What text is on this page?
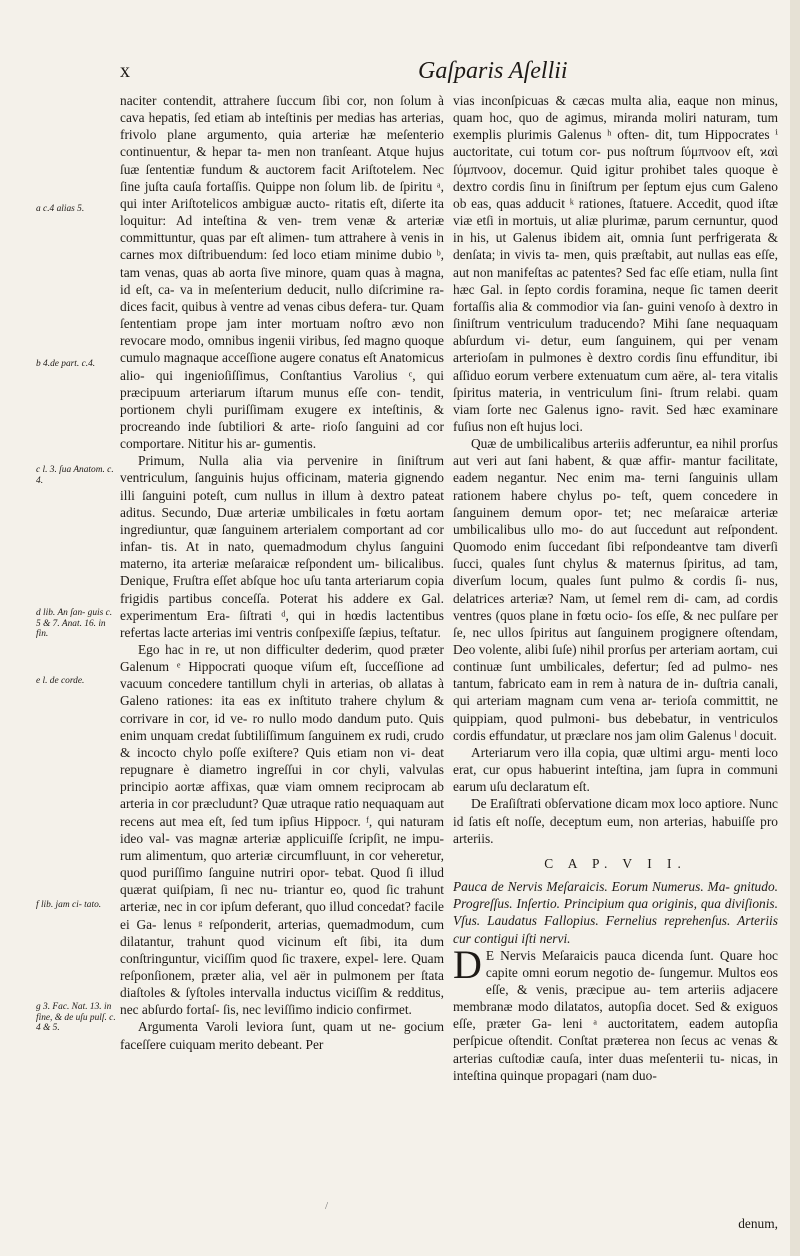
x	Gaſparis Aſellii
a c.4 alias 5.
b 4.de part. c.4.
c l. 3. ſua Anatom. c. 4.
d lib. An ſan- guis c. 5 & 7. Anat. 16. in fin.
e l. de corde.
f lib. jam ci- tato.
g 3. Fac. Nat. 13. in fine, & de uſu pulſ. c. 4 & 5.

naciter contendit, attrahere ſuccum ſibi cor, non ſolum à cava hepatis, ſed etiam ab inteſtinis per medias has arterias, frivolo plane argumento, quia arteriæ hæ meſenterio continuentur, & hepar ta- men non tranſeant. Atque hujus ſuæ ſententiæ fundum & auctorem facit Ariſtotelem. Nec ſine juſta cauſa fortaſſis. Quippe non ſolum lib. de ſpiritu ᵃ, qui inter Ariſtotelicos ambiguæ aucto- ritatis eſt, diſerte ita loquitur: Ad inteſtina & ven- trem venæ & arteriæ committuntur, quas par eſt alimen- tum attrahere à venis in carnes mox diſtribuendum: ſed loco etiam minime dubio ᵇ, tam venas, quas ab aorta ſive minore, quam quas à magna, id eſt, ca- va in meſenterium deducit, nullo diſcrimine ra- dices facit, quibus à ventre ad venas cibus defera- tur. Quam ſententiam prope jam inter mortuam noſtro ævo non revocare modo, omnibus ingenii viribus, ſed magno quoque cumulo magnaque acceſſione augere conatus eſt Anatomicus alio- qui ingenioſiſſimus, Conſtantius Varolius ᶜ, qui præcipuum arteriarum iſtarum munus eſſe con- tendit, portionem chyli puriſſimam exugere ex inteſtinis, & procreando inde ſubtiliori & arte- rioſo ſanguini ad cor comportare. Nititur his ar- gumentis.

Primum, Nulla alia via pervenire in ſiniſtrum ventriculum, ſanguinis hujus officinam, materia gignendo illi ſanguini poteſt, cum nullus in illum à dextro pateat aditus. Secundo, Duæ arteriæ umbilicales in fœtu aortam ingrediuntur, quæ ſanguinem arterialem comportant ad cor infan- tis. At in nato, quemadmodum chylus ſanguini materno, ita arteriæ meſaraicæ reſpondent um- bilicalibus. Denique, Fruſtra eſſet abſque hoc uſu tanta arteriarum copia frigidis partibus conceſſa. Poterat his addere ex Gal. experimentum Era- ſiſtrati ᵈ, qui in hœdis lactentibus refertas lacte arterias imi ventris conſpexiſſe ſæpius, teſtatur.

Ego hac in re, ut non difficulter dederim, quod præter Galenum ᵉ Hippocrati quoque viſum eſt, ſucceſſione ad vacuum concedere tantillum chyli in arterias, ob allatas à Galeno rationes: ita eas ex inſtituto trahere chylum & corrivare in cor, id ve- ro nullo modo dandum puto. Quis enim unquam credat ſubtiliſſimum ſanguinem ex rudi, crudo & incocto chylo poſſe exiſtere? Quis etiam non vi- deat repugnare è diametro ingreſſui in cor chyli, valvulas principio aortæ affixas, quæ viam omnem reciprocam ab arteria in cor præcludunt? Quæ utraque ratio nequaquam aut recens aut mea eſt, ſed tum ipſius Hippocr. ᶠ, qui naturam ideo val- vas magnæ arteriæ applicuiſſe ſcripſit, ne impu- rum alimentum, quo arteriæ circumfluunt, in cor veheretur, quod puriſſimo ſanguine nutriri opor- tebat. Quod ſi illud quærat quiſpiam, ſi nec nu- triantur eo, quod ſic trahunt arteriæ, nec in cor ipſum deferant, quo illud concedat? facile ei Ga- lenus ᵍ reſponderit, arterias, quemadmodum, cum dilatantur, trahunt quod vicinum eſt ſibi, ita dum conſtringuntur, viciſſim quod ſic traxere, expel- lere. Quam reſponſionem, præter alia, vel aër in pulmonem per ſtata diaſtoles & ſyſtoles intervalla inductus viciſſim & redditus, nec abſurdo fortaſ- ſis, nec leviſſimo indicio confirmet.

Argumenta Varoli leviora ſunt, quam ut ne- gocium faceſſere cuiquam merito debeant. Per

vias inconſpicuas & cæcas multa alia, eaque non minus, quam hoc, quo de agimus, miranda moliri naturam, tum exemplis plurimis Galenus ʰ often- dit, tum Hippocrates ⁱ auctoritate, cui totum cor- pus noſtrum ſύμπνοον eſt, ϰαὶ ſύμπνοον, docemur. Quid igitur prohibet tales quoque è dextro cordis ſinu in ſiniſtrum per ſeptum ejus cum Galeno ob eas, quas adducit ᵏ rationes, ſtatuere. Accedit, quod iſtæ viæ etſi in mortuis, ut aliæ plurimæ, parum cernuntur, quod in his, ut Galenus ibidem ait, omnia ſunt perfrigerata & denſata; in vivis ta- men, quis præſtabit, aut nullas eas eſſe, aut non manifeſtas ac patentes? Sed fac eſſe etiam, nulla ſint hæc Gal. in ſepto cordis foramina, neque ſic tamen deerit fortaſſis alia & commodior via ſan- guini venoſo à dextro in ſiniſtrum ventriculum traducendo? Mihi ſane nequaquam abſurdum vi- detur, eum ſanguinem, qui per venam arterioſam in pulmones è dextro cordis ſinu effunditur, ibi aſſiduo eorum verbere extenuatum cum aëre, al- tera vitalis ſpiritus materia, in ventriculum ſini- ſtrum relabi. quam viam ſorte nec Galenus igno- ravit. Sed hæc examinare fuſius non eſt hujus loci.

Quæ de umbilicalibus arteriis adferuntur, ea nihil prorſus aut veri aut ſani habent, & quæ affir- mantur facilitate, eadem negantur. Nec enim ma- terni ſanguinis ullam rationem habere chylus po- teſt, quem concedere in ſanguinem demum opor- tet; nec meſaraicæ arteriæ umbilicalibus ullo mo- do aut ſuccedunt aut reſpondent. Quomodo enim ſuccedant ſibi reſpondeantve tam diverſi ſucci, quales ſunt chylus & maternus ſpiritus, ad tam, diverſum locum, quales ſunt pulmo & cordis ſi- nus, delatrices arteriæ? Nam, ut ſemel rem di- cam, ad cordis ventres (quos plane in fœtu ocio- ſos eſſe, & nec pulſare per ſe, nec ullos ſpiritus aut ſanguinem progignere oſtendam, Deo volente, alibi ſuſe) nihil prorſus per arteriam aortam, cui continuæ ſunt umbilicales, defertur; ſed ad pulmo- nes tantum, fabricato eam in rem à natura de in- duſtria canali, qui arteriam magnam cum vena ar- terioſa committit, ne quippiam, quod pulmoni- bus debebatur, in ventriculos cordis effundatur, ut præclare nos jam olim Galenus ˡ docuit.

Arteriarum vero illa copia, quæ ultimi argu- menti loco erat, cur opus habuerint inteſtina, jam ſupra in communi earum uſu declaratum eſt.

De Eraſiſtrati obſervatione dicam mox loco aptiore. Nunc id ſatis eſt noſſe, deceptum eum, non arterias, habuiſſe pro arteriis.

C A P. V I I.

Pauca de Nervis Meſaraicis. Eorum Numerus. Ma- gnitudo. Progreſſus. Inſertio. Principium qua originis, qua diviſionis. Vſus. Laudatus Fallopius. Fernelius reprehenſus. Arteriis cur contigui iſti nervi.

D E Nervis Meſaraicis pauca dicenda ſunt. Quare hoc capite omni eorum negotio de- ſungemur. Multos eos eſſe, & venis, præcipue au- tem arteriis adjacere membranæ modo dilatatos, autopſia docet. Sed & exiguos eſſe, præter Ga- leni ᵃ auctoritatem, eadem autopſia perſpicue oſtendit. Conſtat præterea non ſecus ac venas & arterias cuſtodiæ cauſa, inter duas meſenterii tu- nicas, in inteſtina quinque propagari (nam duo-

denum,
/
